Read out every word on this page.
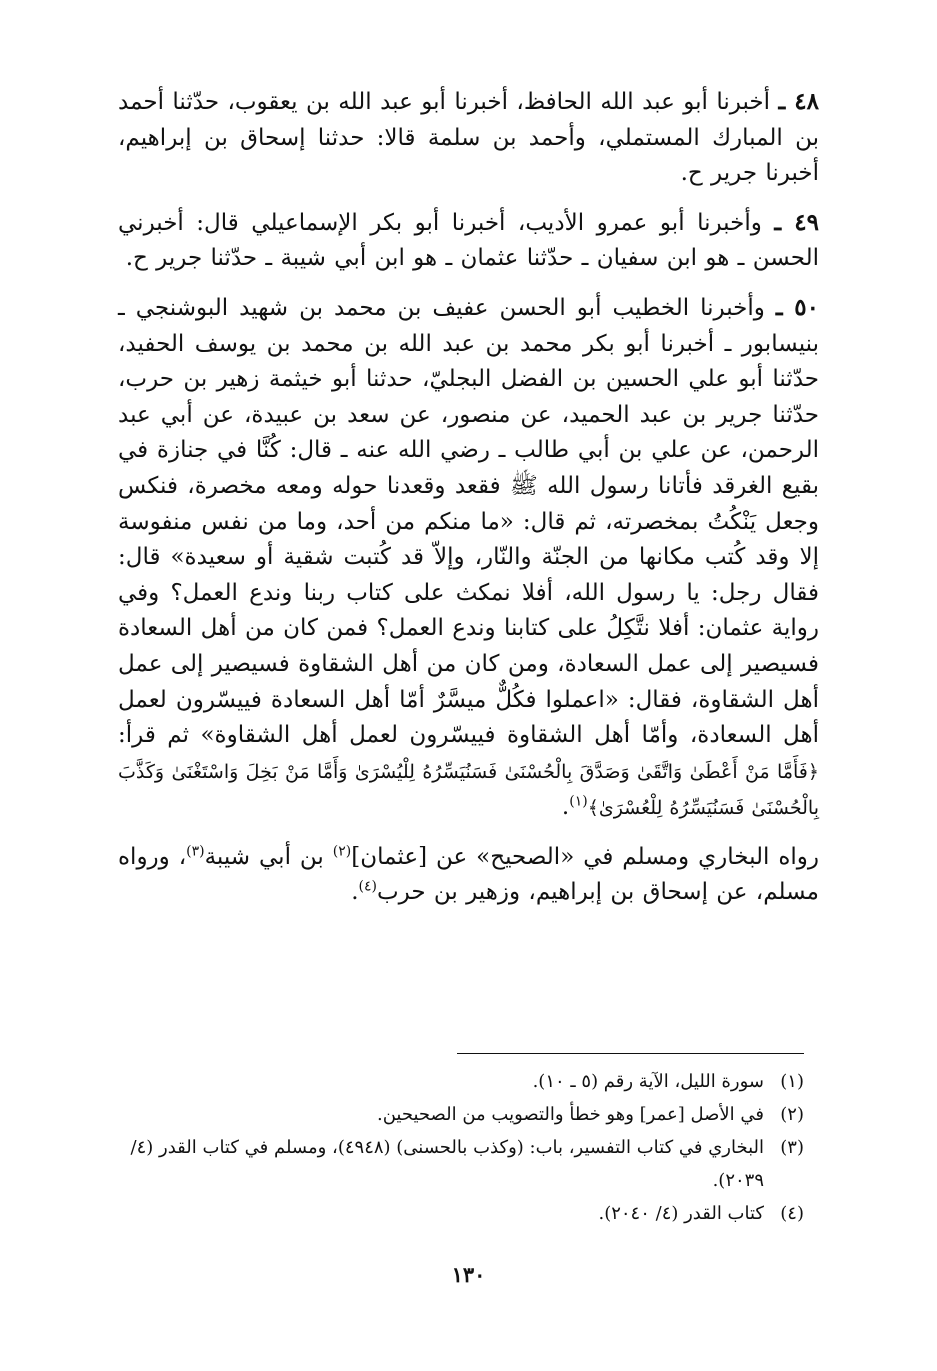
٤٨ ـ أخبرنا أبو عبد الله الحافظ، أخبرنا أبو عبد الله بن يعقوب، حدّثنا أحمد بن المبارك المستملي، وأحمد بن سلمة قالا: حدثنا إسحاق بن إبراهيم، أخبرنا جرير ح.

٤٩ ـ وأخبرنا أبو عمرو الأديب، أخبرنا أبو بكر الإسماعيلي قال: أخبرني الحسن ـ هو ابن سفيان ـ حدّثنا عثمان ـ هو ابن أبي شيبة ـ حدّثنا جرير ح.

٥٠ ـ وأخبرنا الخطيب أبو الحسن عفيف بن محمد بن شهيد البوشنجي ـ بنيسابور ـ أخبرنا أبو بكر محمد بن عبد الله بن محمد بن يوسف الحفيد، حدّثنا أبو علي الحسين بن الفضل البجليّ، حدثنا أبو خيثمة زهير بن حرب، حدّثنا جرير بن عبد الحميد، عن منصور، عن سعد بن عبيدة، عن أبي عبد الرحمن، عن علي بن أبي طالب ـ رضي الله عنه ـ قال: كُنَّا في جنازة في بقيع الغرقد فأتانا رسول الله ﷺ فقعد وقعدنا حوله ومعه مخصرة، فنكس وجعل يَنْكُتُ بمخصرته، ثم قال: «ما منكم من أحد، وما من نفس منفوسة إلا وقد كُتب مكانها من الجنّة والنّار، وإلاّ قد كُتبت شقية أو سعيدة» قال: فقال رجل: يا رسول الله، أفلا نمكث على كتاب ربنا وندع العمل؟ وفي رواية عثمان: أفلا نتَّكِلُ على كتابنا وندع العمل؟ فمن كان من أهل السعادة فسيصير إلى عمل السعادة، ومن كان من أهل الشقاوة فسيصير إلى عمل أهل الشقاوة، فقال: «اعملوا فكُلٌّ ميسَّرٌ أمّا أهل السعادة فييسّرون لعمل أهل السعادة، وأمّا أهل الشقاوة فييسّرون لعمل أهل الشقاوة» ثم قرأ: ﴿فَأَمَّا مَنْ أَعْطَىٰ وَاتَّقَىٰ وَصَدَّقَ بِالْحُسْنَىٰ فَسَنُيَسِّرُهُ لِلْيُسْرَىٰ وَأَمَّا مَنْ بَخِلَ وَاسْتَغْنَىٰ وَكَذَّبَ بِالْحُسْنَىٰ فَسَنُيَسِّرُهُ لِلْعُسْرَىٰ﴾$^{(١)}$.

رواه البخاري ومسلم في «الصحيح» عن [عثمان]$^{(٢)}$ بن أبي شيبة$^{(٣)}$، ورواه مسلم، عن إسحاق بن إبراهيم، وزهير بن حرب$^{(٤)}$.

(١)سورة الليل، الآية رقم (٥ ـ ١٠).

(٢)في الأصل [عمر] وهو خطأ والتصويب من الصحيحين.

(٣)البخاري في كتاب التفسير، باب: (وكذب بالحسنى) (٤٩٤٨)، ومسلم في كتاب القدر (٤/ ٢٠٣٩).

(٤)كتاب القدر (٤/ ٢٠٤٠).

١٣٠
